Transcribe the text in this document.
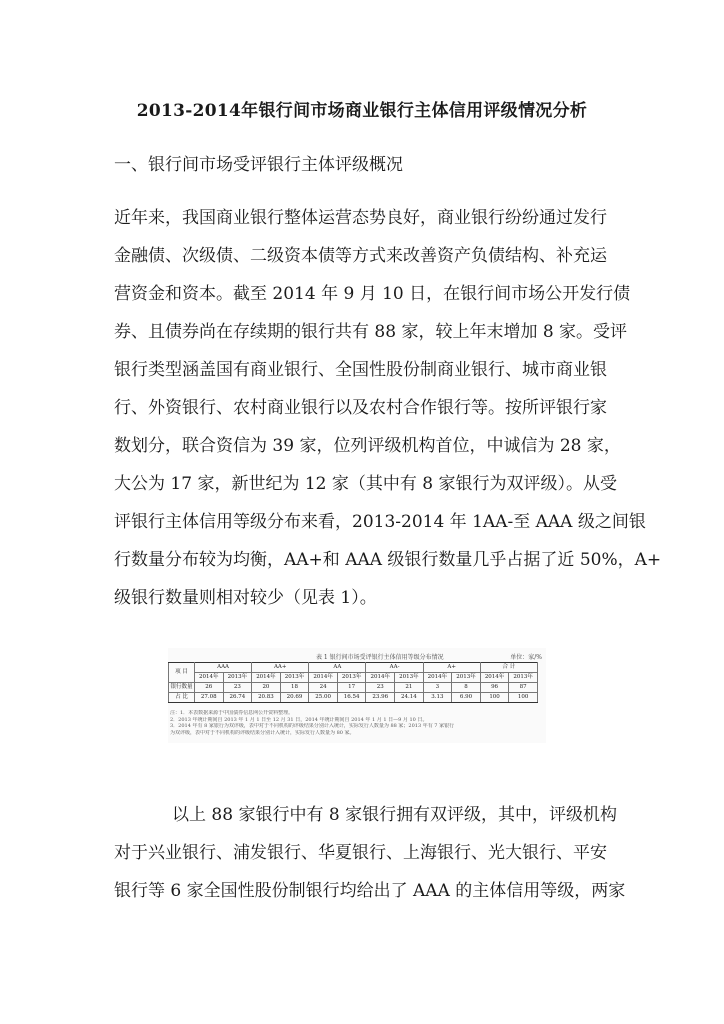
2013-2014年银行间市场商业银行主体信用评级情况分析
一、银行间市场受评银行主体评级概况
近年来，我国商业银行整体运营态势良好，商业银行纷纷通过发行
金融债、次级债、二级资本债等方式来改善资产负债结构、补充运
营资金和资本。截至 2014 年 9 月 10 日，在银行间市场公开发行债
券、且债券尚在存续期的银行共有 88 家，较上年末增加 8 家。受评
银行类型涵盖国有商业银行、全国性股份制商业银行、城市商业银
行、外资银行、农村商业银行以及农村合作银行等。按所评银行家
数划分，联合资信为 39 家，位列评级机构首位，中诚信为 28 家，
大公为 17 家，新世纪为 12 家（其中有 8 家银行为双评级）。从受
评银行主体信用等级分布来看，2013-2014 年 1AA-至 AAA 级之间银
行数量分布较为均衡，AA+和 AAA 级银行数量几乎占据了近 50%，A+
级银行数量则相对较少（见表 1）。
表 1 银行间市场受评银行主体信用等级分布情况	单位：家/%
项 目	AAA		AA+		AA		AA-		A+		合 计	
	2014年	2013年	2014年	2013年	2014年	2013年	2014年	2013年	2014年	2013年	2014年	2013年
银行数量	26	23	20	18	24	17	23	21	3	8	96	87
占 比	27.08	26.74	20.83	20.69	25.00	16.54	23.96	24.14	3.13	6.90	100	100
注：1．本表数据来源于中国债券信息网公开资料整理。
2．2013 年统计期间自 2013 年 1 月 1 日至 12 月 31 日，2014 年统计期间自 2014 年 1 月 1 日—9 月 10 日。
3．2014 年有 8 家银行为双评级，表中对于不同机构的评级结果分别计入统计，实际发行人数量为 88 家；2013 年有 7 家银行
为双评级，表中对于不同机构的评级结果分别计入统计，实际发行人数量为 80 家。
以上 88 家银行中有 8 家银行拥有双评级，其中，评级机构
对于兴业银行、浦发银行、华夏银行、上海银行、光大银行、平安
银行等 6 家全国性股份制银行均给出了 AAA 的主体信用等级，两家
